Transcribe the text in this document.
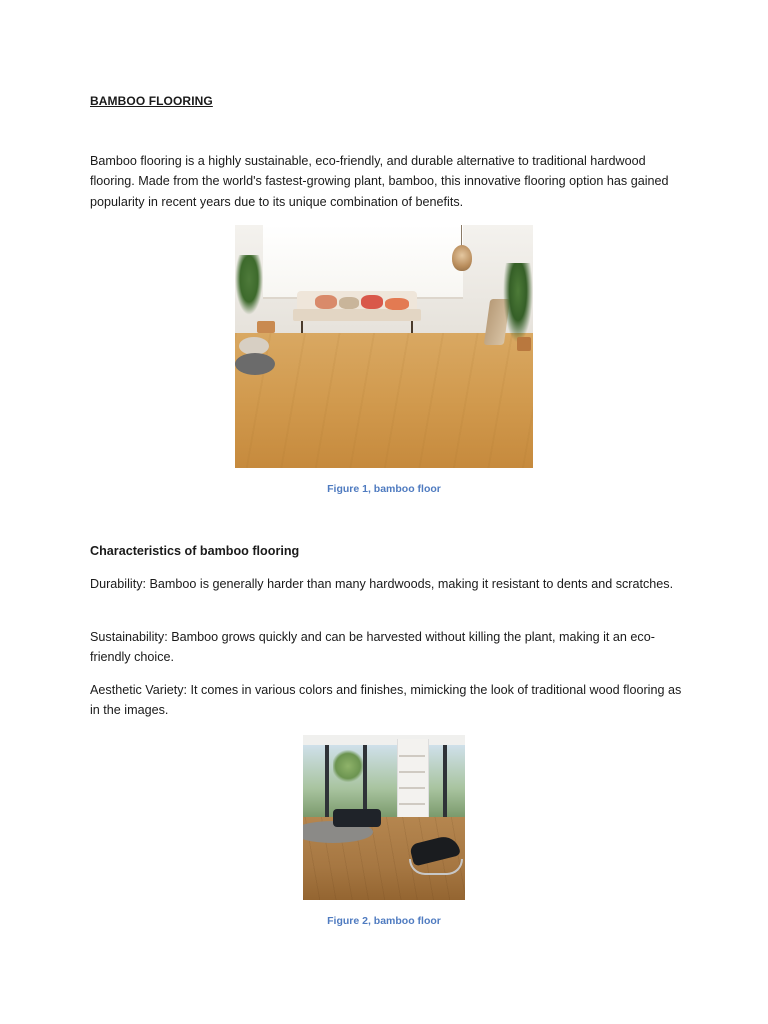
BAMBOO FLOORING
Bamboo flooring is a highly sustainable, eco-friendly, and durable alternative to traditional hardwood flooring. Made from the world's fastest-growing plant, bamboo, this innovative flooring option has gained popularity in recent years due to its unique combination of benefits.
Figure 1, bamboo floor
Characteristics of bamboo flooring
Durability: Bamboo is generally harder than many hardwoods, making it resistant to dents and scratches.
Sustainability: Bamboo grows quickly and can be harvested without killing the plant, making it an eco-friendly choice.
Aesthetic Variety: It comes in various colors and finishes, mimicking the look of traditional wood flooring as in the images.
Figure 2, bamboo floor
